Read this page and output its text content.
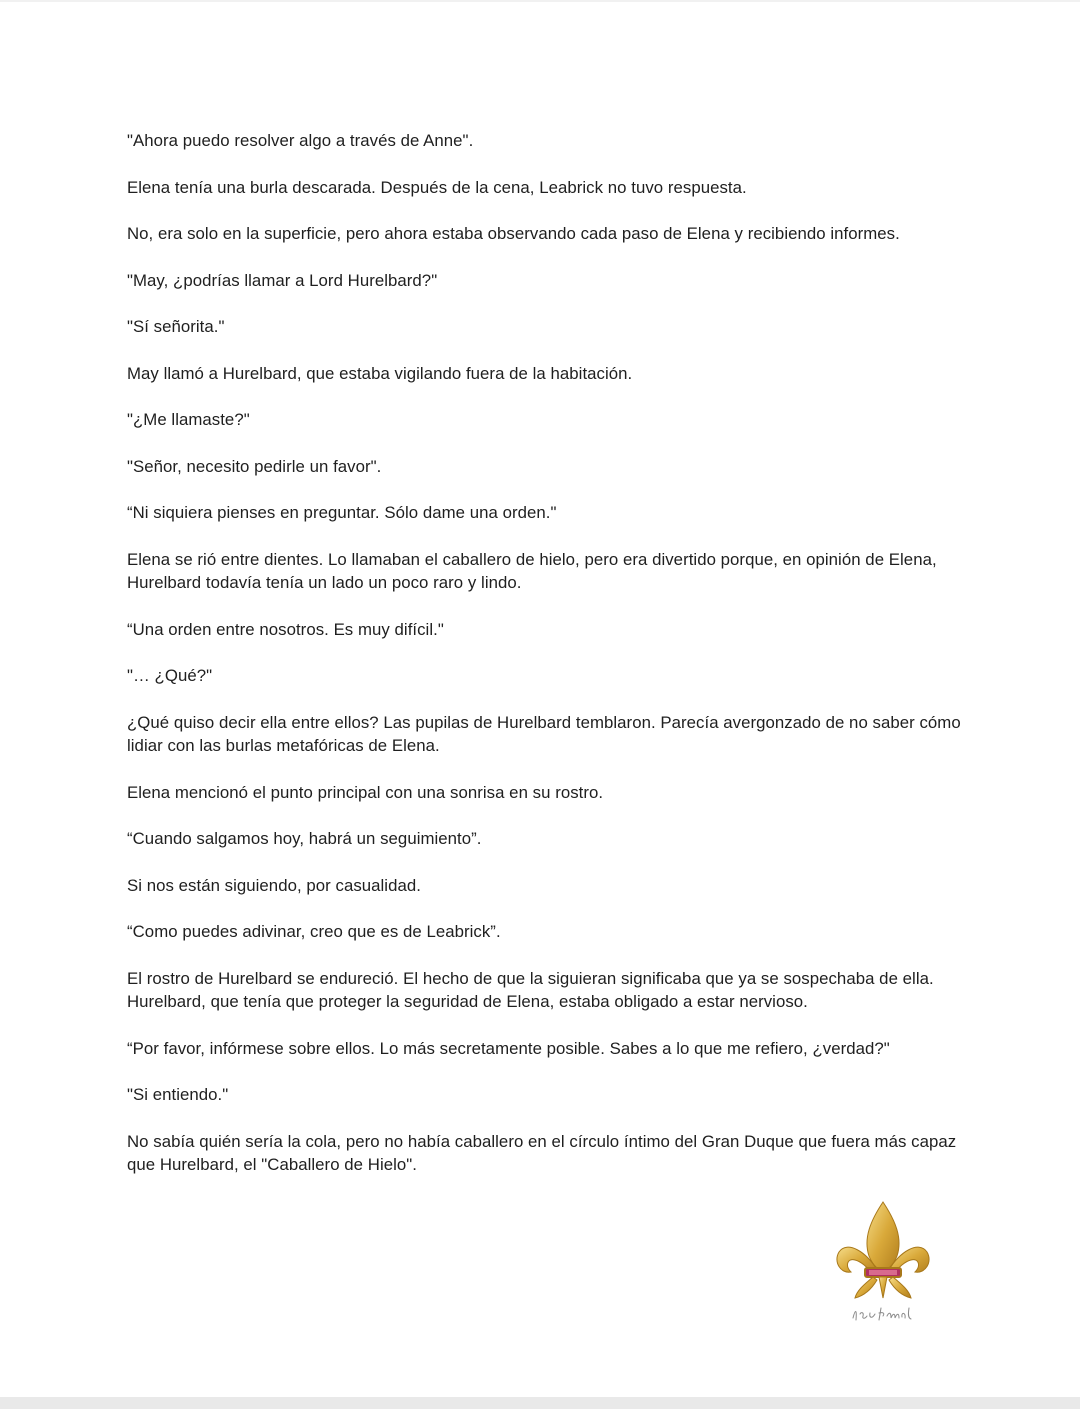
"Ahora puedo resolver algo a través de Anne".

Elena tenía una burla descarada. Después de la cena, Leabrick no tuvo respuesta.

No, era solo en la superficie, pero ahora estaba observando cada paso de Elena y recibiendo informes.

"May, ¿podrías llamar a Lord Hurelbard?"

"Sí señorita."

May llamó a Hurelbard, que estaba vigilando fuera de la habitación.

"¿Me llamaste?"

"Señor, necesito pedirle un favor".

“Ni siquiera pienses en preguntar. Sólo dame una orden."

Elena se rió entre dientes. Lo llamaban el caballero de hielo, pero era divertido porque, en opinión de Elena, Hurelbard todavía tenía un lado un poco raro y lindo.

“Una orden entre nosotros. Es muy difícil."

"… ¿Qué?"

¿Qué quiso decir ella entre ellos? Las pupilas de Hurelbard temblaron. Parecía avergonzado de no saber cómo lidiar con las burlas metafóricas de Elena.

Elena mencionó el punto principal con una sonrisa en su rostro.

“Cuando salgamos hoy, habrá un seguimiento”.

Si nos están siguiendo, por casualidad.

“Como puedes adivinar, creo que es de Leabrick”.

El rostro de Hurelbard se endureció. El hecho de que la siguieran significaba que ya se sospechaba de ella. Hurelbard, que tenía que proteger la seguridad de Elena, estaba obligado a estar nervioso.

“Por favor, infórmese sobre ellos. Lo más secretamente posible. Sabes a lo que me refiero, ¿verdad?"

"Si entiendo."

No sabía quién sería la cola, pero no había caballero en el círculo íntimo del Gran Duque que fuera más capaz que Hurelbard, el "Caballero de Hielo".
